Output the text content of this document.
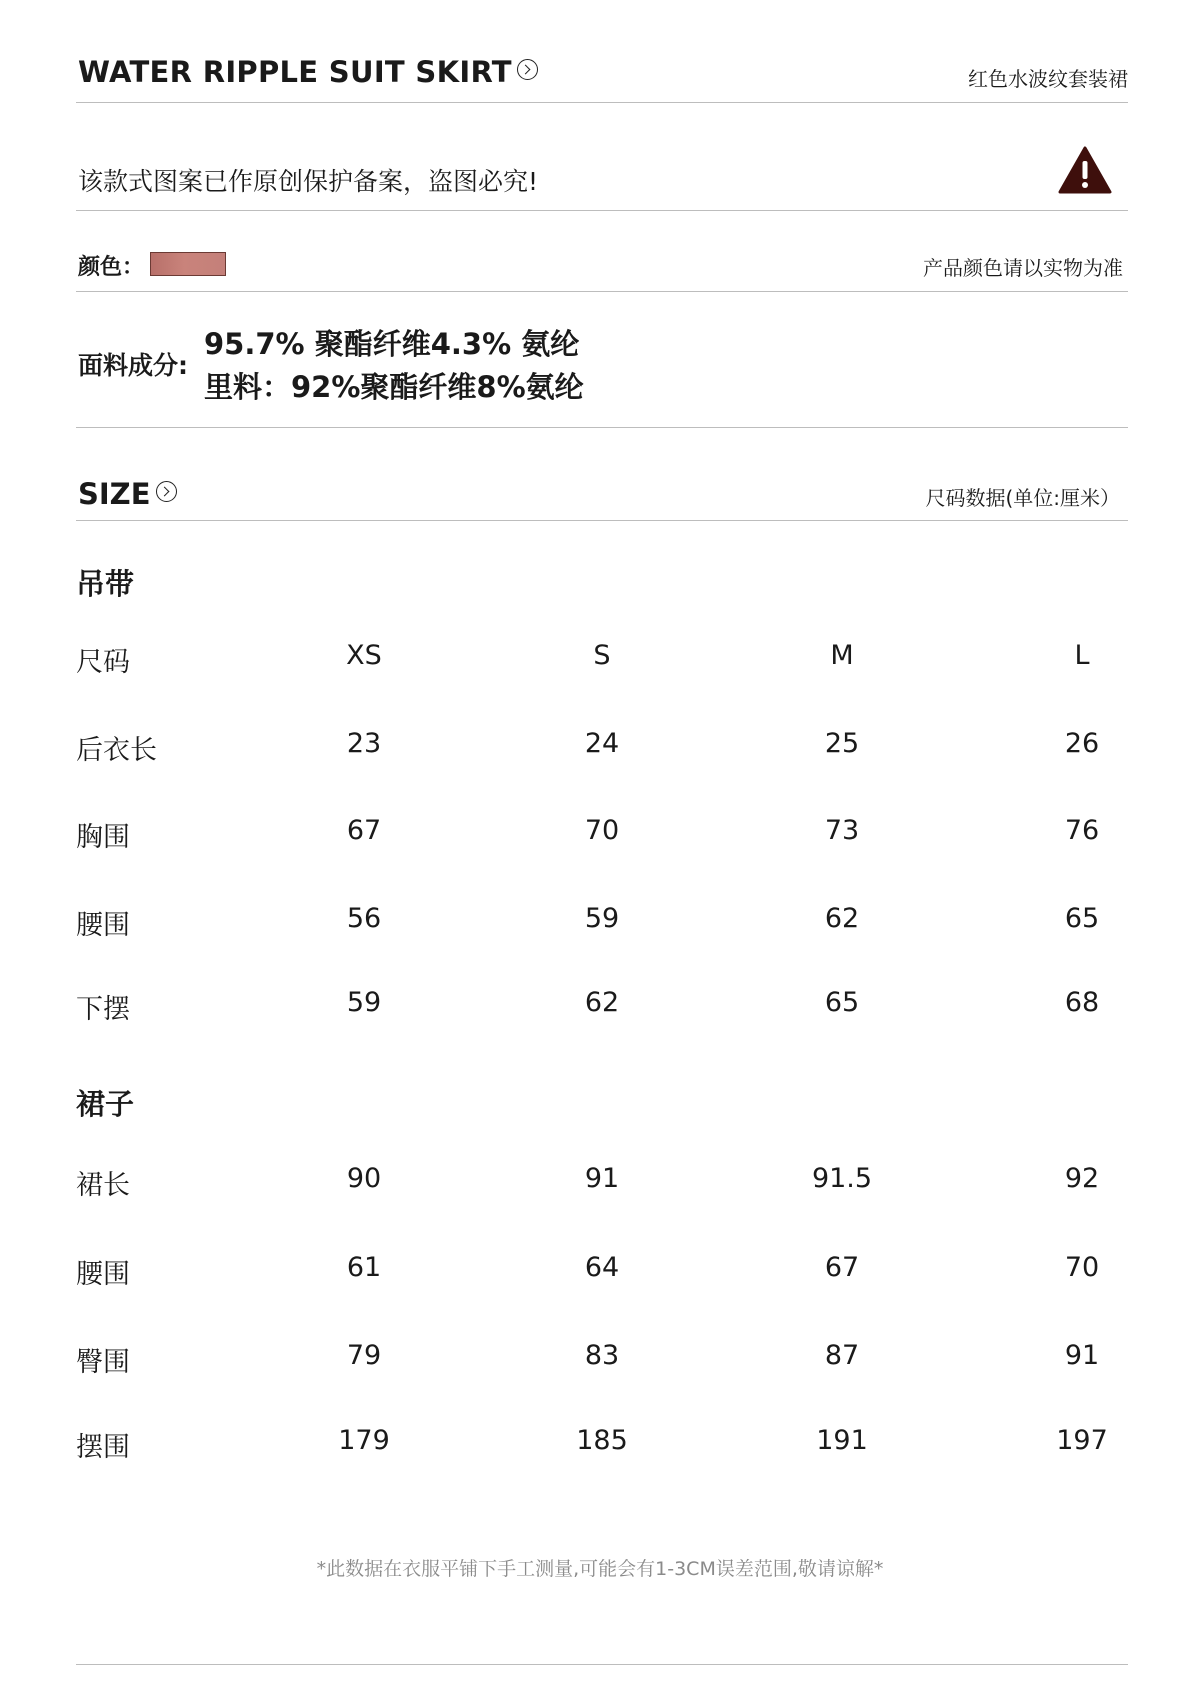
WATER RIPPLE SUIT SKIRT	红色水波纹套装裙
该款式图案已作原创保护备案，盗图必究!
颜色：	产品颜色请以实物为准
面料成分:
95.7% 聚酯纤维4.3% 氨纶
里料：92%聚酯纤维8%氨纶
SIZE	尺码数据(单位:厘米）
吊带
尺码	XS	S	M	L
后衣长	23	24	25	26
胸围	67	70	73	76
腰围	56	59	62	65
下摆	59	62	65	68
裙子
裙长	90	91	91.5	92
腰围	61	64	67	70
臀围	79	83	87	91
摆围	179	185	191	197
*此数据在衣服平铺下手工测量,可能会有1-3CM误差范围,敬请谅解*
